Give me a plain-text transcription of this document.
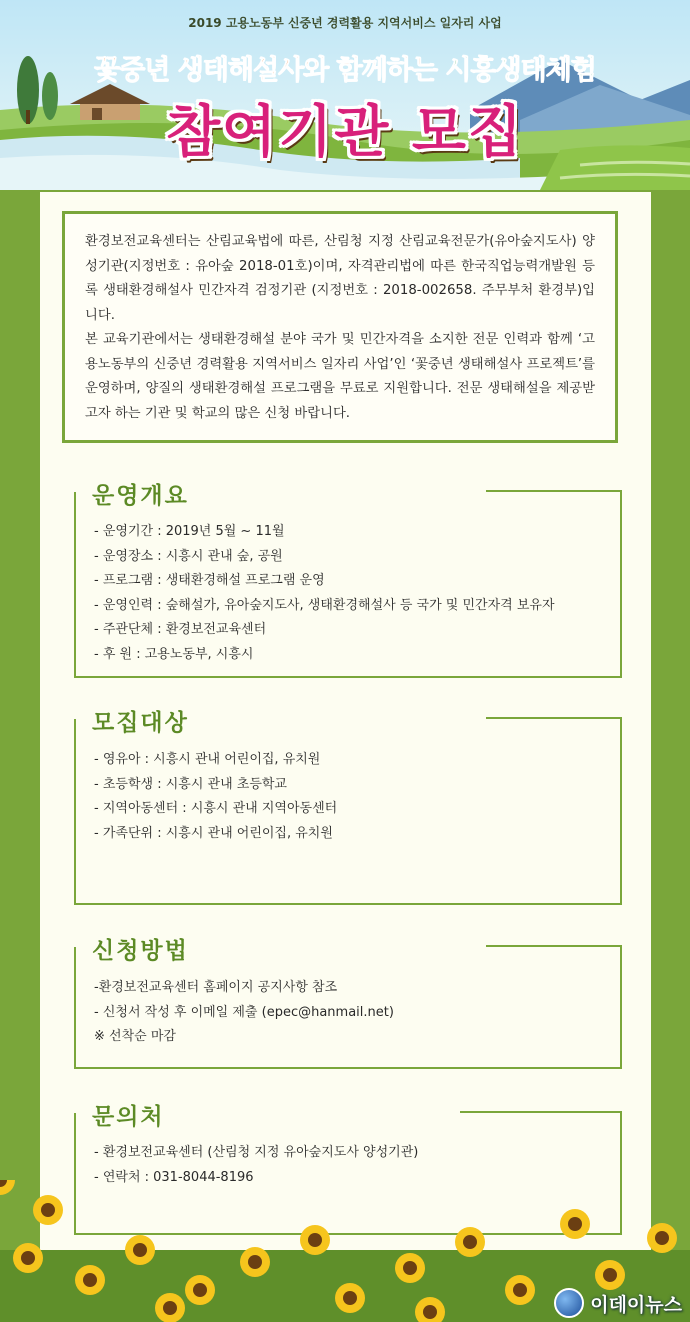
2019 고용노동부 신중년 경력활용 지역서비스 일자리 사업
꽃중년 생태해설사와 함께하는 시흥생태체험
참여기관 모집

환경보전교육센터는 산림교육법에 따른, 산림청 지정 산림교육전문가(유아숲지도사) 양성기관(지정번호 : 유아숲 2018-01호)이며, 자격관리법에 따른 한국직업능력개발원 등록 생태환경해설사 민간자격 검정기관 (지정번호 : 2018-002658. 주무부처 환경부)입니다.

본 교육기관에서는 생태환경해설 분야 국가 및 민간자격을 소지한 전문 인력과 함께 ‘고용노동부의 신중년 경력활용 지역서비스 일자리 사업’인 ‘꽃중년 생태해설사 프로젝트’를 운영하며, 양질의 생태환경해설 프로그램을 무료로 지원합니다. 전문 생태해설을 제공받고자 하는 기관 및 학교의 많은 신청 바랍니다.

운영개요
- 운영기간 : 2019년 5월 ~ 11월
- 운영장소 : 시흥시 관내 숲, 공원
- 프로그램 : 생태환경해설 프로그램 운영
- 운영인력 : 숲해설가, 유아숲지도사, 생태환경해설사 등 국가 및 민간자격 보유자
- 주관단체 : 환경보전교육센터
- 후 원 : 고용노동부, 시흥시
모집대상
- 영유아 : 시흥시 관내 어린이집, 유치원
- 초등학생 : 시흥시 관내 초등학교
- 지역아동센터 : 시흥시 관내 지역아동센터
- 가족단위 : 시흥시 관내 어린이집, 유치원
신청방법
-환경보전교육센터 홈페이지 공지사항 참조
- 신청서 작성 후 이메일 제출 (epec@hanmail.net)
※ 선착순 마감
문의처
- 환경보전교육센터 (산림청 지정 유아숲지도사 양성기관)
- 연락처 : 031-8044-8196
이데이뉴스
